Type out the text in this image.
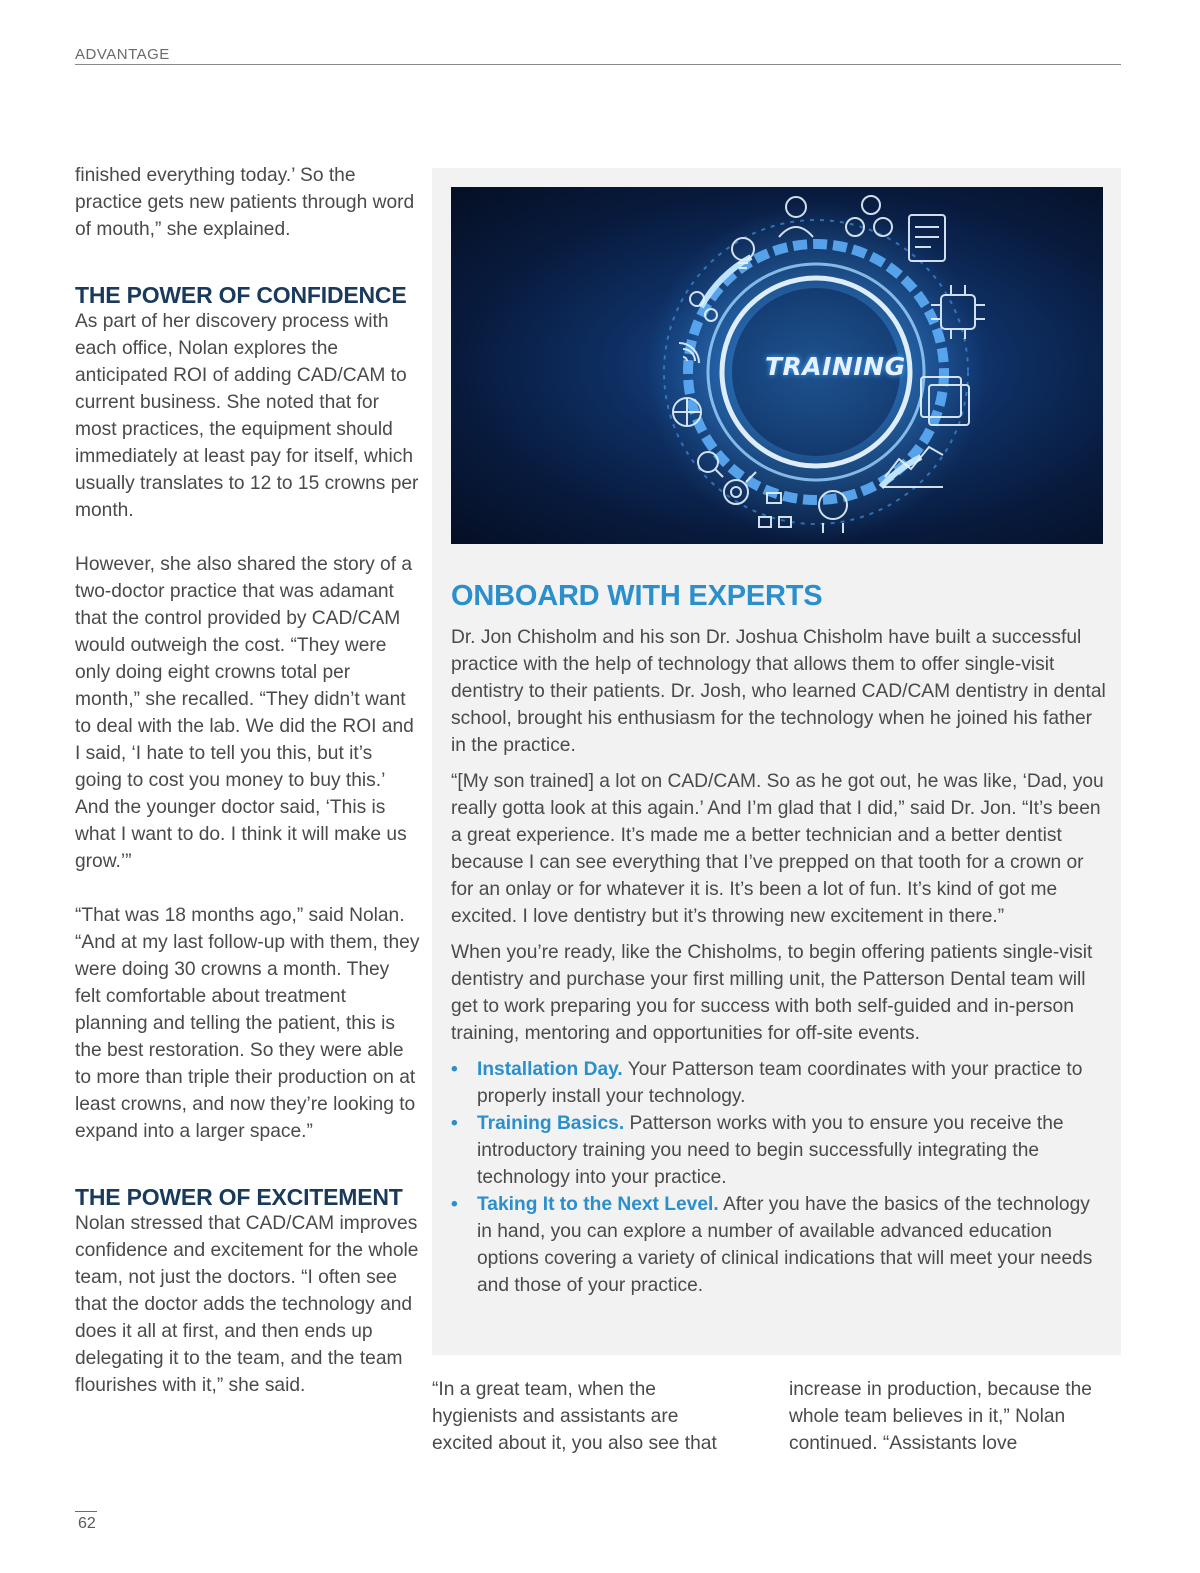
ADVANTAGE

finished everything today.’ So the practice gets new patients through word of mouth,” she explained.

THE POWER OF CONFIDENCE

As part of her discovery process with each office, Nolan explores the anticipated ROI of adding CAD/CAM to current business. She noted that for most practices, the equipment should immediately at least pay for itself, which usually translates to 12 to 15 crowns per month.

However, she also shared the story of a two-doctor practice that was adamant that the control provided by CAD/CAM would outweigh the cost. “They were only doing eight crowns total per month,” she recalled. “They didn’t want to deal with the lab. We did the ROI and I said, ‘I hate to tell you this, but it’s going to cost you money to buy this.’ And the younger doctor said, ‘This is what I want to do. I think it will make us grow.’”

“That was 18 months ago,” said Nolan. “And at my last follow-up with them, they were doing 30 crowns a month. They felt comfortable about treatment planning and telling the patient, this is the best restoration. So they were able to more than triple their production on at least crowns, and now they’re looking to expand into a larger space.”

THE POWER OF EXCITEMENT

Nolan stressed that CAD/CAM improves confidence and excitement for the whole team, not just the doctors. “I often see that the doctor adds the technology and does it all at first, and then ends up delegating it to the team, and the team flourishes with it,” she said.

TRAINING
ONBOARD WITH EXPERTS

Dr. Jon Chisholm and his son Dr. Joshua Chisholm have built a successful practice with the help of technology that allows them to offer single-visit dentistry to their patients. Dr. Josh, who learned CAD/CAM dentistry in dental school, brought his enthusiasm for the technology when he joined his father in the practice.

“[My son trained] a lot on CAD/CAM. So as he got out, he was like, ‘Dad, you really gotta look at this again.’ And I’m glad that I did,” said Dr. Jon. “It’s been a great experience. It’s made me a better technician and a better dentist because I can see everything that I’ve prepped on that tooth for a crown or for an onlay or for whatever it is. It’s been a lot of fun. It’s kind of got me excited. I love dentistry but it’s throwing new excitement in there.”

When you’re ready, like the Chisholms, to begin offering patients single-visit dentistry and purchase your first milling unit, the Patterson Dental team will get to work preparing you for success with both self-guided and in-person training, mentoring and opportunities for off-site events.

• Installation Day. Your Patterson team coordinates with your practice to properly install your technology.
• Training Basics. Patterson works with you to ensure you receive the introductory training you need to begin successfully integrating the technology into your practice.
• Taking It to the Next Level. After you have the basics of the technology in hand, you can explore a number of available advanced education options covering a variety of clinical indications that will meet your needs and those of your practice.
“In a great team, when the hygienists and assistants are excited about it, you also see that
increase in production, because the whole team believes in it,” Nolan continued. “Assistants love
62
